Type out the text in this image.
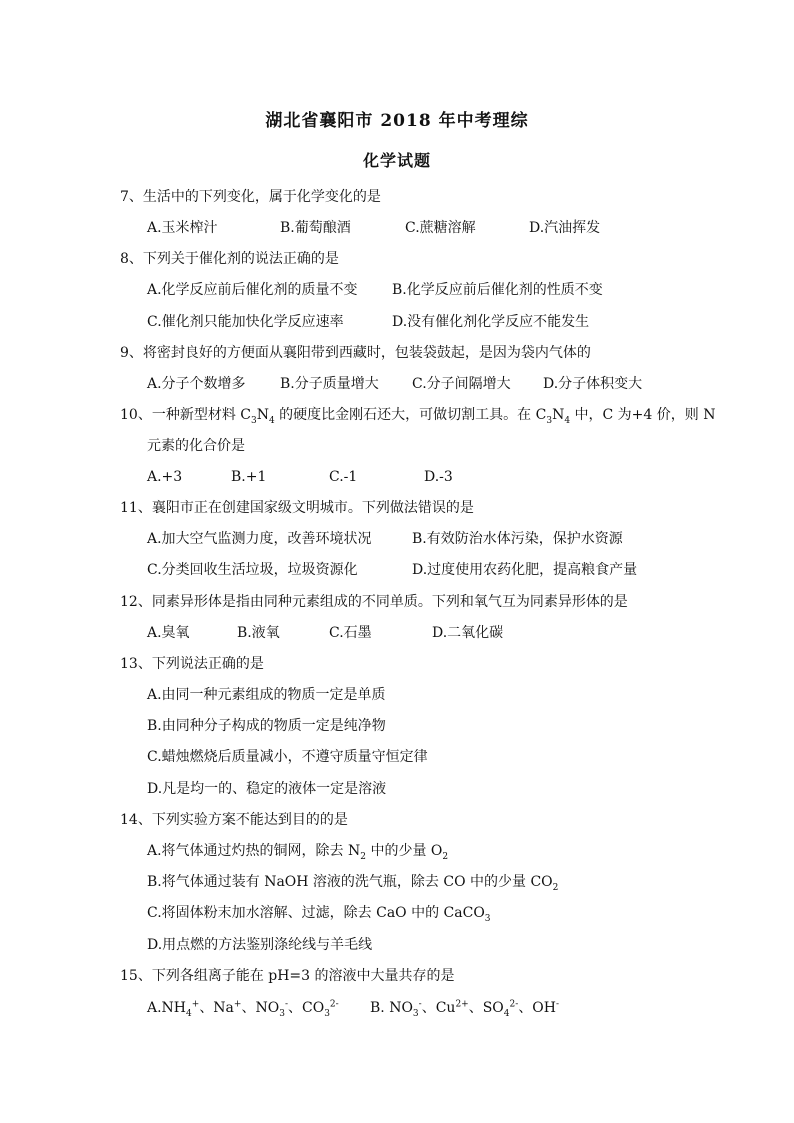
湖北省襄阳市 2018 年中考理综
化学试题
7、生活中的下列变化，属于化学变化的是
A.玉米榨汁	B.葡萄酿酒	C.蔗糖溶解	D.汽油挥发
8、下列关于催化剂的说法正确的是
A.化学反应前后催化剂的质量不变 B.化学反应前后催化剂的性质不变
C.催化剂只能加快化学反应速率	D.没有催化剂化学反应不能发生
9、将密封良好的方便面从襄阳带到西藏时，包装袋鼓起，是因为袋内气体的
A.分子个数增多 B.分子质量增大 C.分子间隔增大 D.分子体积变大
10、一种新型材料 $C_3N_4$ 的硬度比金刚石还大，可做切割工具。在 $C_3N_4$ 中，C 为+4 价，则 N
元素的化合价是
A.+3	B.+1	C.-1	D.-3
11、襄阳市正在创建国家级文明城市。下列做法错误的是
A.加大空气监测力度，改善环境状况	B.有效防治水体污染，保护水资源
C.分类回收生活垃圾，垃圾资源化	D.过度使用农药化肥，提高粮食产量
12、同素异形体是指由同种元素组成的不同单质。下列和氧气互为同素异形体的是
A.臭氧	B.液氧	C.石墨	D.二氧化碳
13、下列说法正确的是
A.由同一种元素组成的物质一定是单质
B.由同种分子构成的物质一定是纯净物
C.蜡烛燃烧后质量减小，不遵守质量守恒定律
D.凡是均一的、稳定的液体一定是溶液
14、下列实验方案不能达到目的的是
A.将气体通过灼热的铜网，除去 $N_2$ 中的少量 $O_2$
B.将气体通过装有 NaOH 溶液的洗气瓶，除去 CO 中的少量 $CO_2$
C.将固体粉末加水溶解、过滤，除去 CaO 中的 CaCO$_3$
D.用点燃的方法鉴别涤纶线与羊毛线
15、下列各组离子能在 pH=3 的溶液中大量共存的是
$A.NH_4^+$、Na+、$NO_3^-$、$CO_3^{2-}$ B. $NO_3^-$、$Cu^{2+}$、$SO_4^{2-}$、OH-
